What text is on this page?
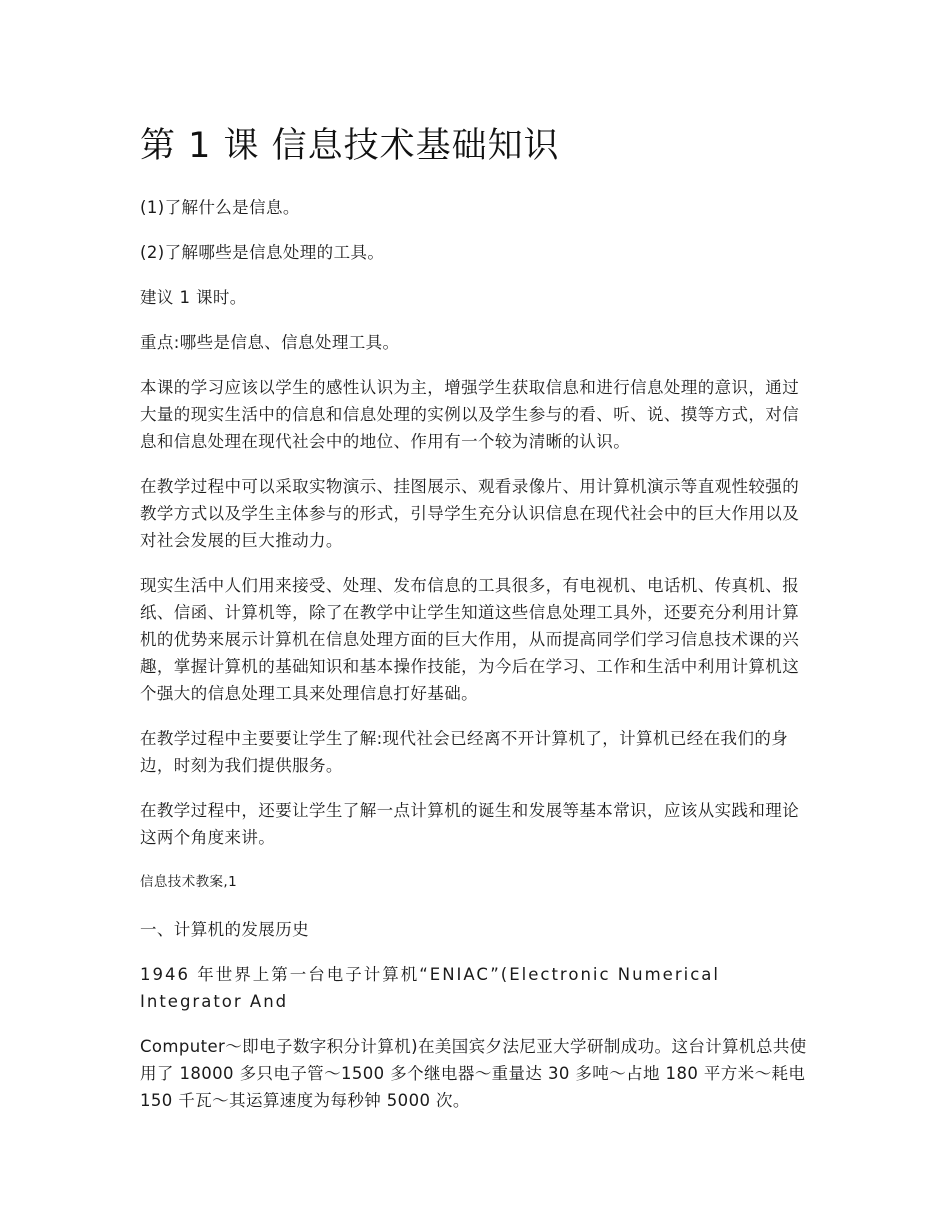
第 1 课 信息技术基础知识

(1)了解什么是信息。

(2)了解哪些是信息处理的工具。

建议 1 课时。

重点:哪些是信息、信息处理工具。

本课的学习应该以学生的感性认识为主，增强学生获取信息和进行信息处理的意识，通过大量的现实生活中的信息和信息处理的实例以及学生参与的看、听、说、摸等方式，对信息和信息处理在现代社会中的地位、作用有一个较为清晰的认识。

在教学过程中可以采取实物演示、挂图展示、观看录像片、用计算机演示等直观性较强的教学方式以及学生主体参与的形式，引导学生充分认识信息在现代社会中的巨大作用以及对社会发展的巨大推动力。

现实生活中人们用来接受、处理、发布信息的工具很多，有电视机、电话机、传真机、报纸、信函、计算机等，除了在教学中让学生知道这些信息处理工具外，还要充分利用计算机的优势来展示计算机在信息处理方面的巨大作用，从而提高同学们学习信息技术课的兴趣，掌握计算机的基础知识和基本操作技能，为今后在学习、工作和生活中利用计算机这个强大的信息处理工具来处理信息打好基础。

在教学过程中主要要让学生了解:现代社会已经离不开计算机了，计算机已经在我们的身边，时刻为我们提供服务。

在教学过程中，还要让学生了解一点计算机的诞生和发展等基本常识，应该从实践和理论这两个角度来讲。

信息技术教案,1

一、计算机的发展历史

1946 年世界上第一台电子计算机“ENIAC”(Electronic Numerical Integrator And

Computer～即电子数字积分计算机)在美国宾夕法尼亚大学研制成功。这台计算机总共使用了 18000 多只电子管～1500 多个继电器～重量达 30 多吨～占地 180 平方米～耗电 150 千瓦～其运算速度为每秒钟 5000 次。
